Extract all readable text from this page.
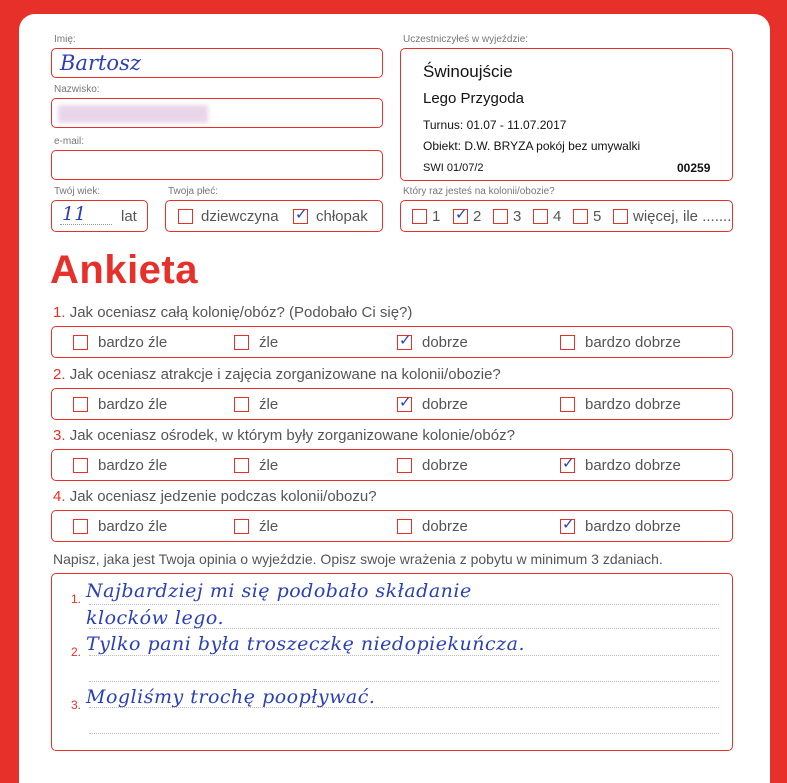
Imię:
Bartosz
Nazwisko:
e-mail:
Twój wiek:
11 lat
Twoja płeć:
dziewczyna ✓ chłopak
Uczestniczyłeś w wyjeździe:
Świnoujście
Lego Przygoda
Turnus: 01.07 - 11.07.2017
Obiekt: D.W. BRYZA pokój bez umywalki
SWI 01/07/2	00259
Który raz jesteś na kolonii/obozie?
1 ✓ 2 3 4 5 więcej, ile .......
Ankieta
1. Jak oceniasz całą kolonię/obóz? (Podobało Ci się?)
bardzo źle	źle	✓ dobrze	bardzo dobrze
2. Jak oceniasz atrakcje i zajęcia zorganizowane na kolonii/obozie?
bardzo źle	źle	✓ dobrze	bardzo dobrze
3. Jak oceniasz ośrodek, w którym były zorganizowane kolonie/obóz?
bardzo źle	źle	dobrze	✓ bardzo dobrze
4. Jak oceniasz jedzenie podczas kolonii/obozu?
bardzo źle	źle	dobrze	✓ bardzo dobrze
Napisz, jaka jest Twoja opinia o wyjeździe. Opisz swoje wrażenia z pobytu w minimum 3 zdaniach.
1. Najbardziej mi się podobało składanie
klocków lego.
2. Tylko pani była troszeczkę niedopiekuńcza.
3. Mogliśmy trochę poopływać.
